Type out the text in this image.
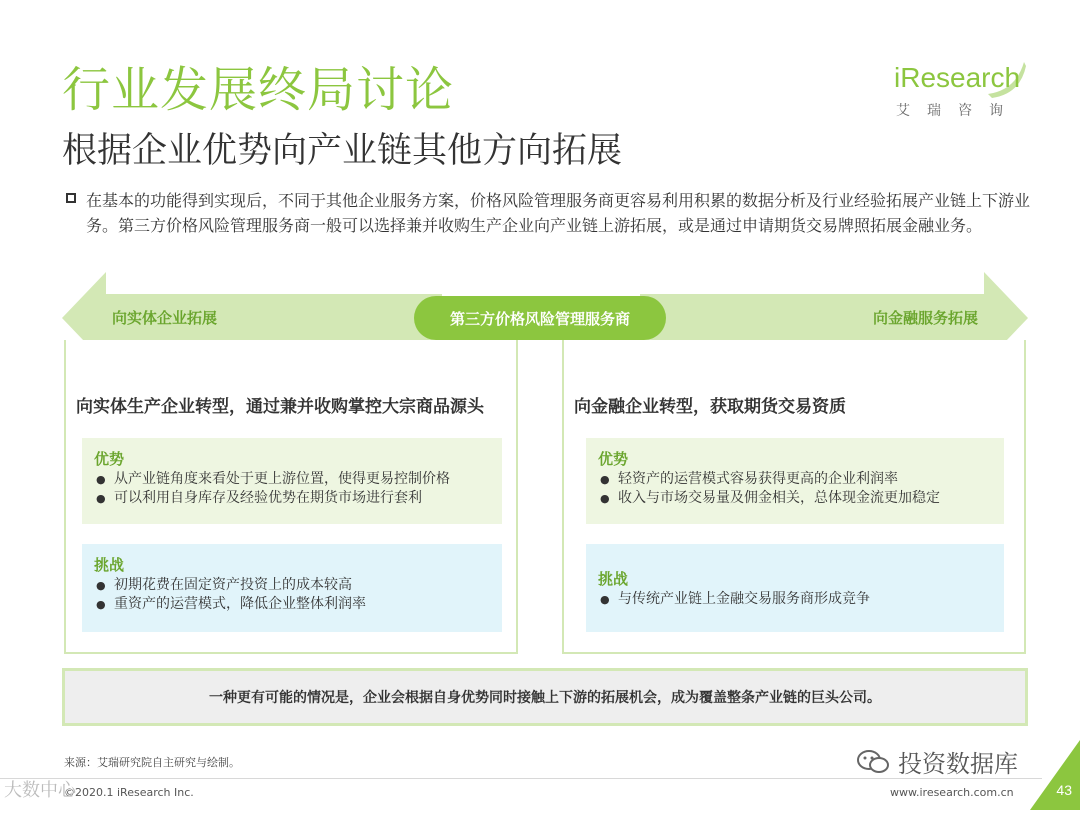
行业发展终局讨论
根据企业优势向产业链其他方向拓展
iResearch
艾瑞咨询
在基本的功能得到实现后，不同于其他企业服务方案，价格风险管理服务商更容易利用积累的数据分析及行业经验拓展产业链上下游业务。第三方价格风险管理服务商一般可以选择兼并收购生产企业向产业链上游拓展，或是通过申请期货交易牌照拓展金融业务。
向实体企业拓展	向金融服务拓展
向实体生产企业转型，通过兼并收购掌控大宗商品源头
优势
● 从产业链角度来看处于更上游位置，使得更易控制价格
● 可以利用自身库存及经验优势在期货市场进行套利
挑战
● 初期花费在固定资产投资上的成本较高
● 重资产的运营模式，降低企业整体利润率
向金融企业转型，获取期货交易资质
优势
● 轻资产的运营模式容易获得更高的企业利润率
● 收入与市场交易量及佣金相关，总体现金流更加稳定
挑战
● 与传统产业链上金融交易服务商形成竞争
第三方价格风险管理服务商
一种更有可能的情况是，企业会根据自身优势同时接触上下游的拓展机会，成为覆盖整条产业链的巨头公司。
来源：艾瑞研究院自主研究与绘制。
©2020.1 iResearch Inc.	www.iresearch.com.cn
投资数据库
大数中心	43
